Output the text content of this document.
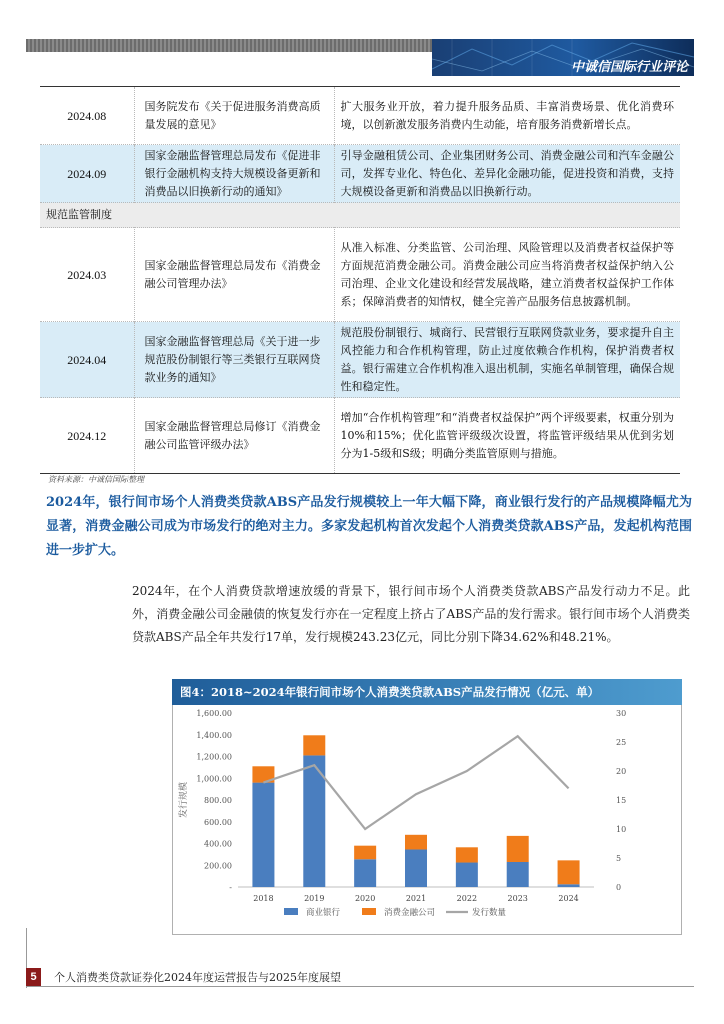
中诚信国际行业评论
2024.08	国务院发布《关于促进服务消费高质量发展的意见》	扩大服务业开放，着力提升服务品质、丰富消费场景、优化消费环境，以创新激发服务消费内生动能，培育服务消费新增长点。
2024.09	国家金融监督管理总局发布《促进非银行金融机构支持大规模设备更新和消费品以旧换新行动的通知》	引导金融租赁公司、企业集团财务公司、消费金融公司和汽车金融公司，发挥专业化、特色化、差异化金融功能，促进投资和消费，支持大规模设备更新和消费品以旧换新行动。
规范监管制度		
2024.03	国家金融监督管理总局发布《消费金融公司管理办法》	从准入标准、分类监管、公司治理、风险管理以及消费者权益保护等方面规范消费金融公司。消费金融公司应当将消费者权益保护纳入公司治理、企业文化建设和经营发展战略，建立消费者权益保护工作体系；保障消费者的知情权，健全完善产品服务信息披露机制。
2024.04	国家金融监督管理总局《关于进一步规范股份制银行等三类银行互联网贷款业务的通知》	规范股份制银行、城商行、民营银行互联网贷款业务，要求提升自主风控能力和合作机构管理，防止过度依赖合作机构，保护消费者权益。银行需建立合作机构准入退出机制，实施名单制管理，确保合规性和稳定性。
2024.12	国家金融监督管理总局修订《消费金融公司监管评级办法》	增加“合作机构管理”和“消费者权益保护”两个评级要素，权重分别为10%和15%；优化监管评级级次设置，将监管评级结果从优到劣划分为1-5级和S级；明确分类监管原则与措施。
资料来源：中诚信国际整理
2024年，银行间市场个人消费类贷款ABS产品发行规模较上一年大幅下降，商业银行发行的产品规模降幅尤为显著，消费金融公司成为市场发行的绝对主力。多家发起机构首次发起个人消费类贷款ABS产品，发起机构范围进一步扩大。
2024年，在个人消费贷款增速放缓的背景下，银行间市场个人消费类贷款ABS产品发行动力不足。此外，消费金融公司金融债的恢复发行亦在一定程度上挤占了ABS产品的发行需求。银行间市场个人消费类贷款ABS产品全年共发行17单，发行规模243.23亿元，同比分别下降34.62%和48.21%。
图4：2018~2024年银行间市场个人消费类贷款ABS产品发行情况（亿元、单）
1,600.00
1,400.00
1,200.00
1,000.00
800.00
600.00
400.00
200.00
-
30
25
20
15
10
5
0
发行规模
2018	2019	2020	2021	2022	2023	2024
商业银行	消费金融公司	发行数量
5	个人消费类贷款证券化2024年度运营报告与2025年度展望
